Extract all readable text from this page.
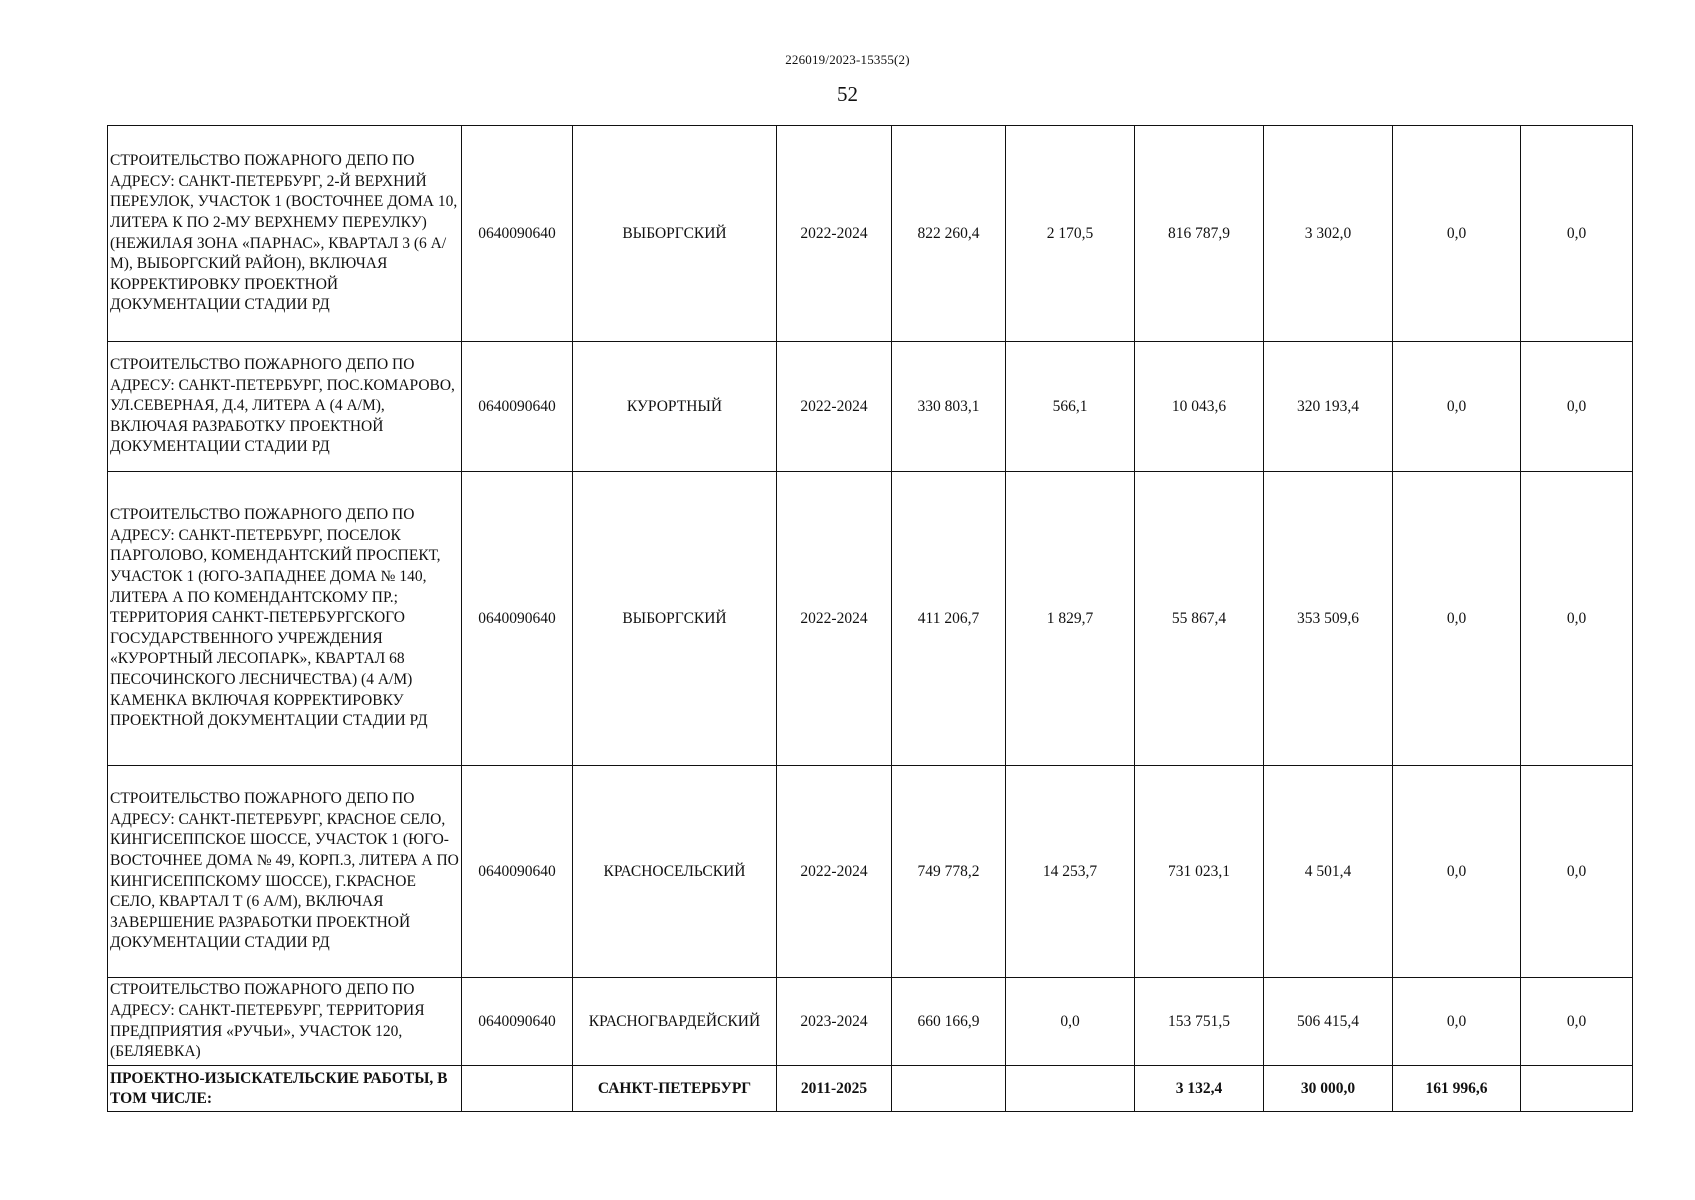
226019/2023-15355(2)
52
СТРОИТЕЛЬСТВО ПОЖАРНОГО ДЕПО ПО АДРЕСУ: САНКТ-ПЕТЕРБУРГ, 2-Й ВЕРХНИЙ ПЕРЕУЛОК, УЧАСТОК 1 (ВОСТОЧНЕЕ ДОМА 10, ЛИТЕРА К ПО 2-МУ ВЕРХНЕМУ ПЕРЕУЛКУ) (НЕЖИЛАЯ ЗОНА «ПАРНАС», КВАРТАЛ 3 (6 А/М), ВЫБОРГСКИЙ РАЙОН), ВКЛЮЧАЯ КОРРЕКТИРОВКУ ПРОЕКТНОЙ ДОКУМЕНТАЦИИ СТАДИИ РД	0640090640	ВЫБОРГСКИЙ	2022-2024	822 260,4	2 170,5	816 787,9	3 302,0	0,0	0,0
СТРОИТЕЛЬСТВО ПОЖАРНОГО ДЕПО ПО АДРЕСУ: САНКТ-ПЕТЕРБУРГ, ПОС.КОМАРОВО, УЛ.СЕВЕРНАЯ, Д.4, ЛИТЕРА А (4 А/М), ВКЛЮЧАЯ РАЗРАБОТКУ ПРОЕКТНОЙ ДОКУМЕНТАЦИИ СТАДИИ РД	0640090640	КУРОРТНЫЙ	2022-2024	330 803,1	566,1	10 043,6	320 193,4	0,0	0,0
СТРОИТЕЛЬСТВО ПОЖАРНОГО ДЕПО ПО АДРЕСУ: САНКТ-ПЕТЕРБУРГ, ПОСЕЛОК ПАРГОЛОВО, КОМЕНДАНТСКИЙ ПРОСПЕКТ, УЧАСТОК 1 (ЮГО-ЗАПАДНЕЕ ДОМА № 140, ЛИТЕРА А ПО КОМЕНДАНТСКОМУ ПР.; ТЕРРИТОРИЯ САНКТ-ПЕТЕРБУРГСКОГО ГОСУДАРСТВЕННОГО УЧРЕЖДЕНИЯ «КУРОРТНЫЙ ЛЕСОПАРК», КВАРТАЛ 68 ПЕСОЧИНСКОГО ЛЕСНИЧЕСТВА) (4 А/М) КАМЕНКА ВКЛЮЧАЯ КОРРЕКТИРОВКУ ПРОЕКТНОЙ ДОКУМЕНТАЦИИ СТАДИИ РД	0640090640	ВЫБОРГСКИЙ	2022-2024	411 206,7	1 829,7	55 867,4	353 509,6	0,0	0,0
СТРОИТЕЛЬСТВО ПОЖАРНОГО ДЕПО ПО АДРЕСУ: САНКТ-ПЕТЕРБУРГ, КРАСНОЕ СЕЛО, КИНГИСЕППСКОЕ ШОССЕ, УЧАСТОК 1 (ЮГО-ВОСТОЧНЕЕ ДОМА № 49, КОРП.3, ЛИТЕРА А ПО КИНГИСЕППСКОМУ ШОССЕ), Г.КРАСНОЕ СЕЛО, КВАРТАЛ Т (6 А/М), ВКЛЮЧАЯ ЗАВЕРШЕНИЕ РАЗРАБОТКИ ПРОЕКТНОЙ ДОКУМЕНТАЦИИ СТАДИИ РД	0640090640	КРАСНОСЕЛЬСКИЙ	2022-2024	749 778,2	14 253,7	731 023,1	4 501,4	0,0	0,0
СТРОИТЕЛЬСТВО ПОЖАРНОГО ДЕПО ПО АДРЕСУ: САНКТ-ПЕТЕРБУРГ, ТЕРРИТОРИЯ ПРЕДПРИЯТИЯ «РУЧЬИ», УЧАСТОК 120, (БЕЛЯЕВКА)	0640090640	КРАСНОГВАРДЕЙСКИЙ	2023-2024	660 166,9	0,0	153 751,5	506 415,4	0,0	0,0
ПРОЕКТНО-ИЗЫСКАТЕЛЬСКИЕ РАБОТЫ, В ТОМ ЧИСЛЕ:		САНКТ-ПЕТЕРБУРГ	2011-2025			3 132,4	30 000,0	161 996,6	
